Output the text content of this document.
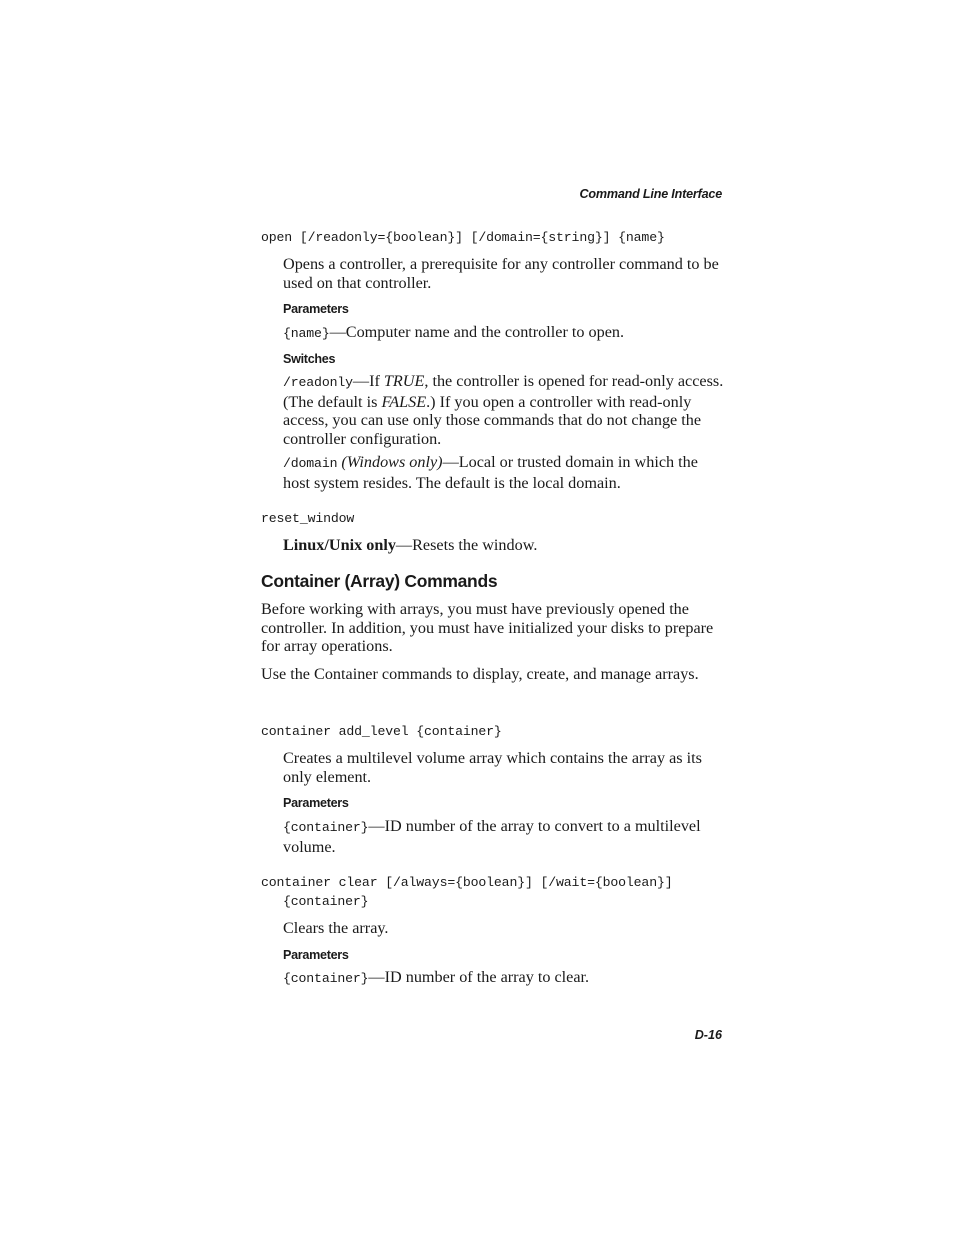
Command Line Interface
open [/readonly={boolean}] [/domain={string}] {name}
Opens a controller, a prerequisite for any controller command to be used on that controller.
Parameters
{name}—Computer name and the controller to open.
Switches
/readonly—If TRUE, the controller is opened for read-only access. (The default is FALSE.) If you open a controller with read-only access, you can use only those commands that do not change the controller configuration.
/domain (Windows only)—Local or trusted domain in which the host system resides. The default is the local domain.
reset_window
Linux/Unix only—Resets the window.
Container (Array) Commands
Before working with arrays, you must have previously opened the controller. In addition, you must have initialized your disks to prepare for array operations.
Use the Container commands to display, create, and manage arrays.
container add_level {container}
Creates a multilevel volume array which contains the array as its only element.
Parameters
{container}—ID number of the array to convert to a multilevel volume.
container clear [/always={boolean}] [/wait={boolean}]
{container}
Clears the array.
Parameters
{container}—ID number of the array to clear.
D-16
